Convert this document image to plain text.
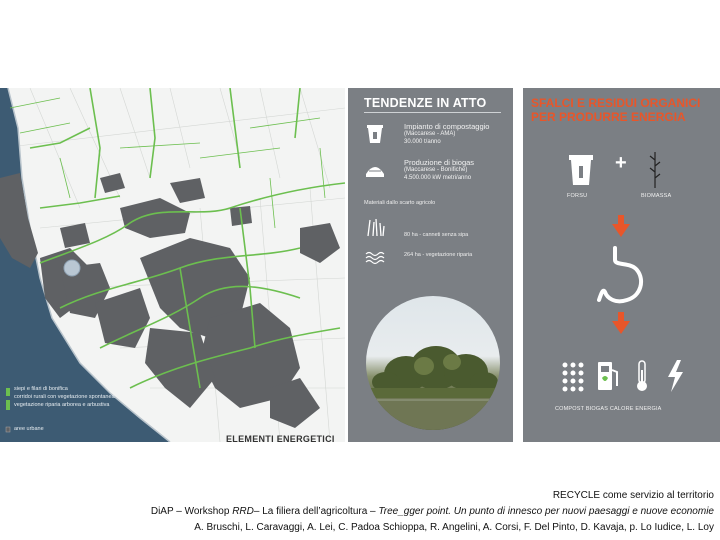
siepi e filari di bonifica
corridoi rurali con vegetazione spontanea
vegetazione riparia arborea e arbustiva
aree urbane
ELEMENTI ENERGETICI
TENDENZE IN ATTO
Impianto di compostaggio
(Maccarese - AMA)
30.000 t/anno
Produzione di biogas
(Maccarese - Bonifiche)
4.500.000 kW metri/anno
Materiali dallo scarto agricolo
80 ha - canneti senza sipa
264 ha - vegetazione riparia
SFALCI E RESIDUI ORGANICI
PER PRODURRE ENERGIA
+
FORSU	BIOMASSA
COMPOST BIOGAS CALORE ENERGIA
RECYCLE come servizio al territorio
DiAP – Workshop RRD– La filiera dell’agricoltura – Tree_gger point. Un punto di innesco per nuovi paesaggi e nuove economie
A. Bruschi, L. Caravaggi, A. Lei, C. Padoa Schioppa, R. Angelini, A. Corsi, F. Del Pinto, D. Kavaja, p. Lo Iudice, L. Loy
